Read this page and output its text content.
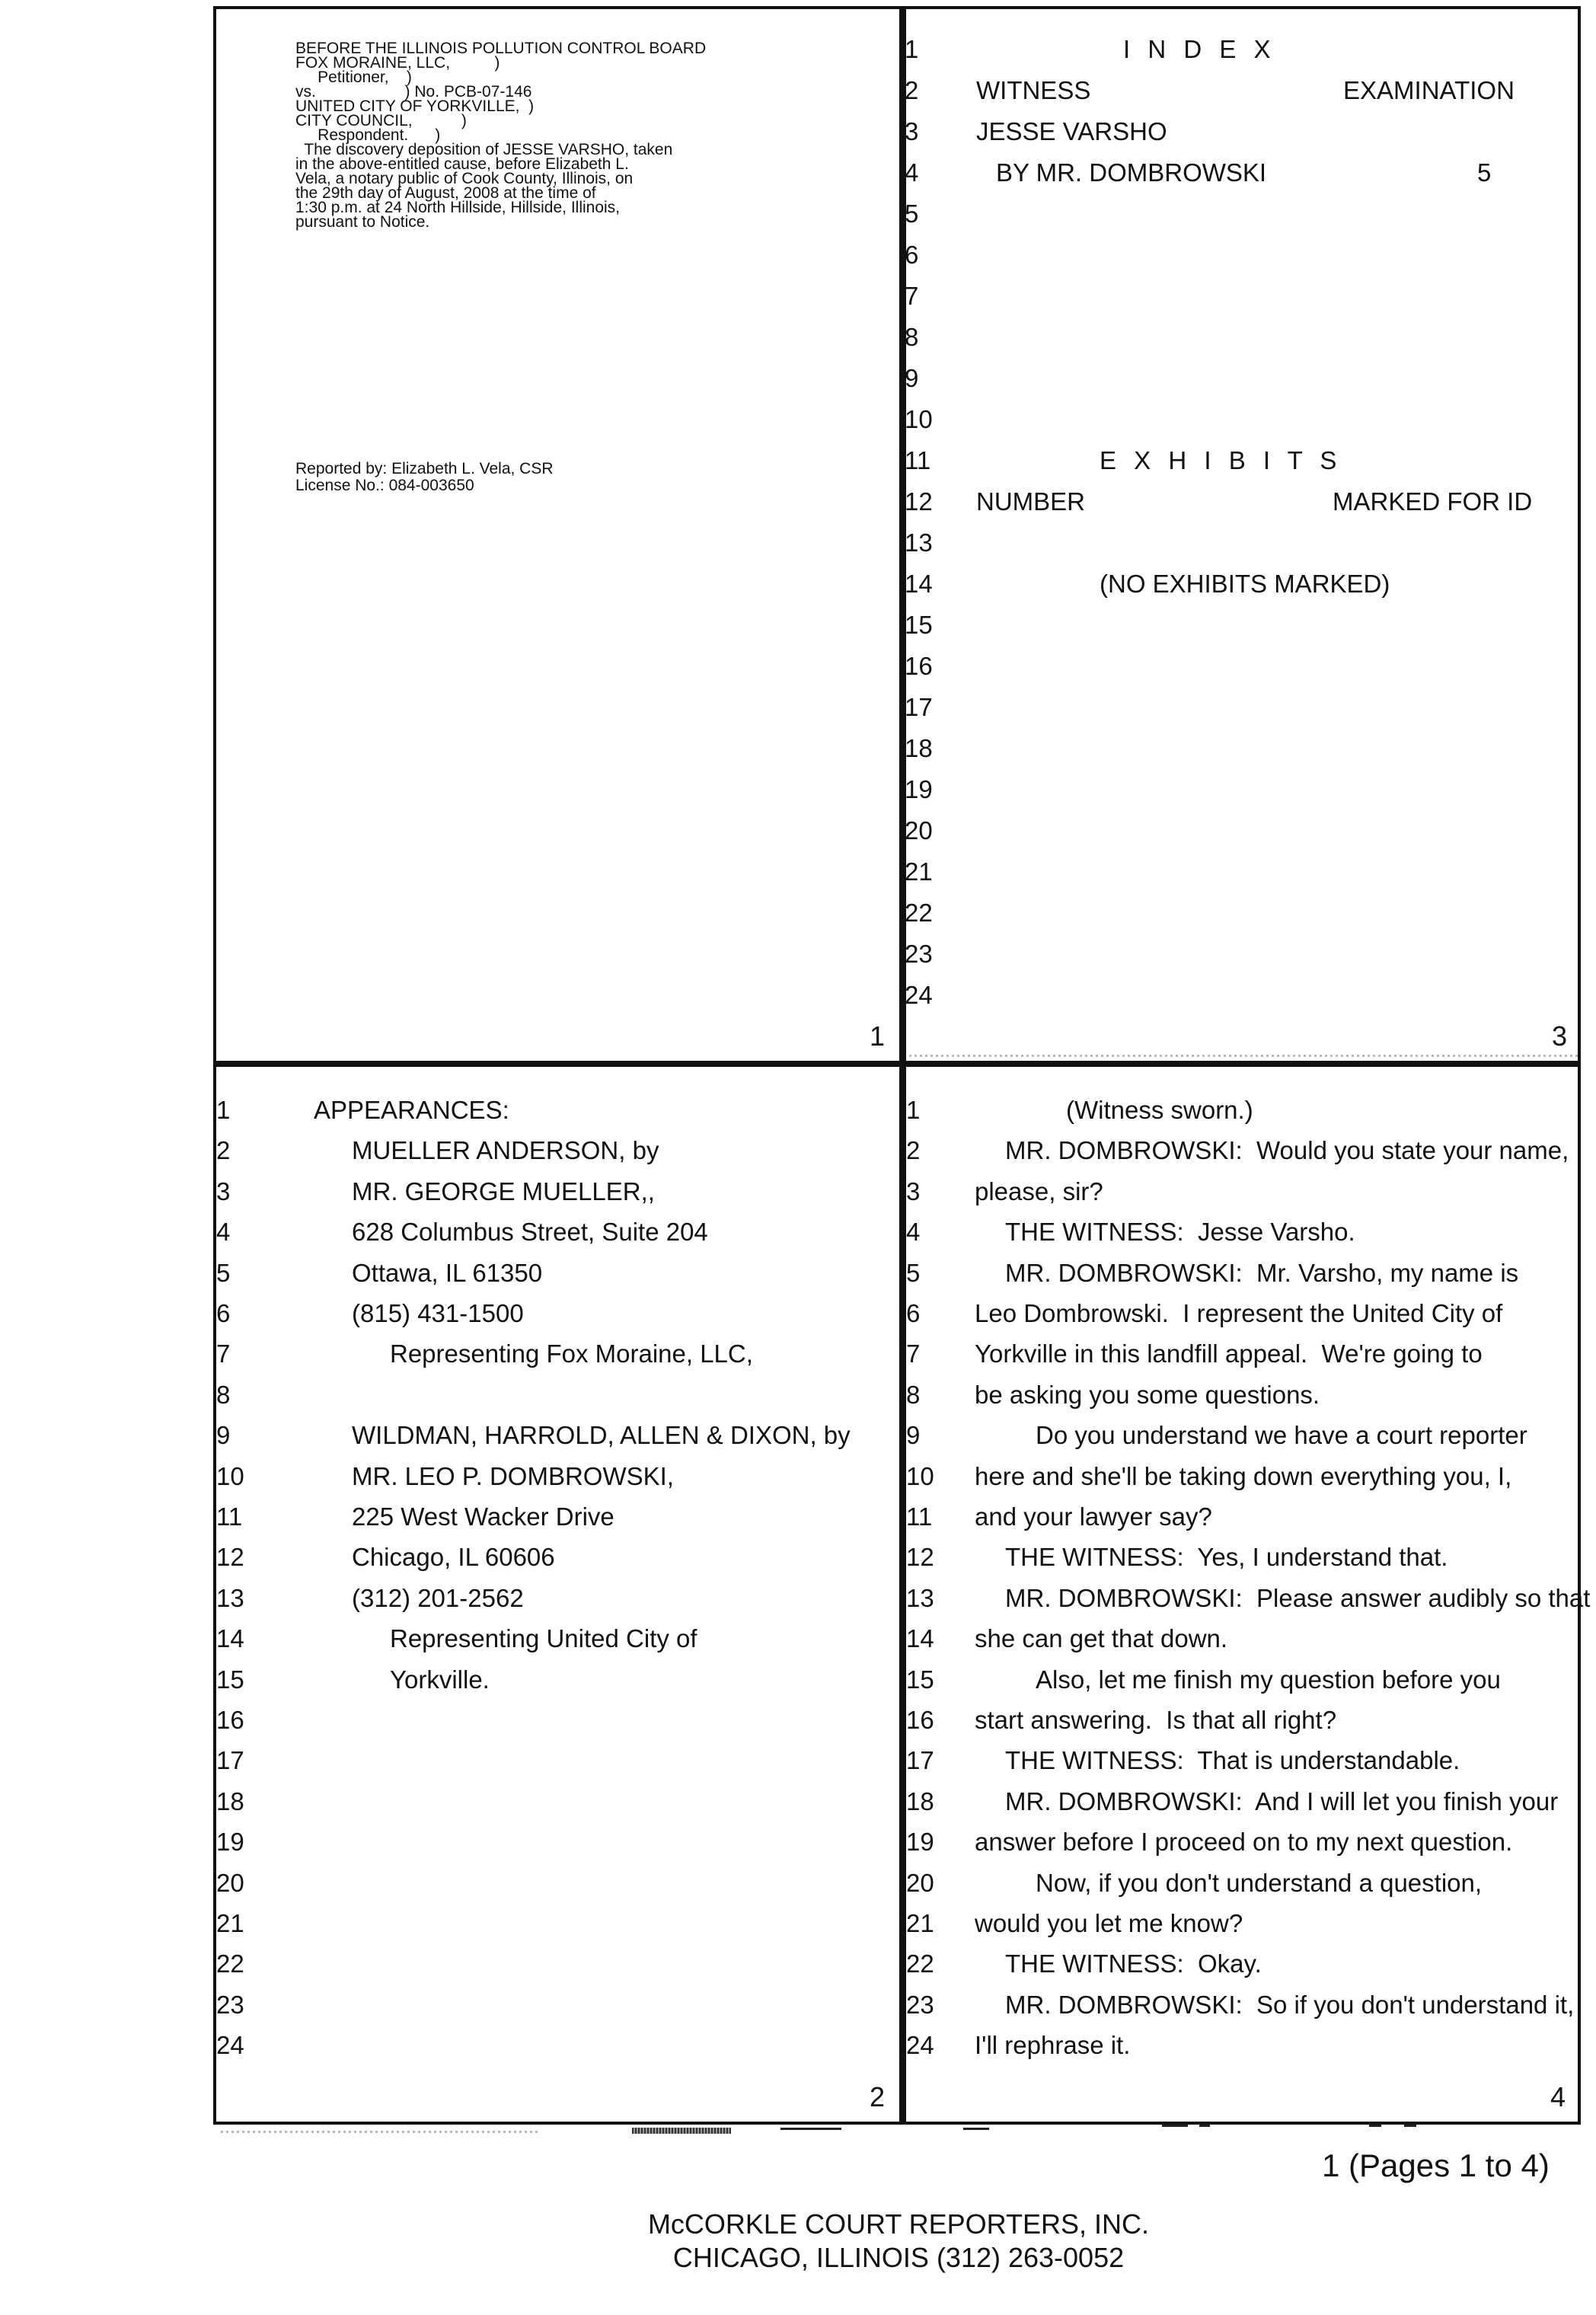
BEFORE THE ILLINOIS POLLUTION CONTROL BOARD
FOX MORAINE, LLC,          )
Petitioner,    )
vs.                    ) No. PCB-07-146
UNITED CITY OF YORKVILLE,  )
CITY COUNCIL,           )
Respondent.      )
The discovery deposition of JESSE VARSHO, taken
in the above-entitled cause, before Elizabeth L.
Vela, a notary public of Cook County, Illinois, on
the 29th day of August, 2008 at the time of
1:30 p.m. at 24 North Hillside, Hillside, Illinois,
pursuant to Notice.
Reported by: Elizabeth L. Vela, CSR
License No.: 084-003650
1
1
2
3
4
5
6
7
8
9
10
11
12
13
14
15
16
17
18
19
20
21
22
23
24
I N D E X
WITNESS	EXAMINATION
JESSE VARSHO
BY MR. DOMBROWSKI	5
E X H I B I T S
NUMBER	MARKED FOR ID
(NO EXHIBITS MARKED)
3
1	APPEARANCES:
2	MUELLER ANDERSON, by
3	MR. GEORGE MUELLER,,
4	628 Columbus Street, Suite 204
5	Ottawa, IL 61350
6	(815) 431-1500
7	Representing Fox Moraine, LLC,
8
9	WILDMAN, HARROLD, ALLEN & DIXON, by
10	MR. LEO P. DOMBROWSKI,
11	225 West Wacker Drive
12	Chicago, IL 60606
13	(312) 201-2562
14	Representing United City of
15	Yorkville.
16
17
18
19
20
21
22
23
24
2
1	(Witness sworn.)
2	MR. DOMBROWSKI:  Would you state your name,
3	please, sir?
4	THE WITNESS:  Jesse Varsho.
5	MR. DOMBROWSKI:  Mr. Varsho, my name is
6	Leo Dombrowski.  I represent the United City of
7	Yorkville in this landfill appeal.  We're going to
8	be asking you some questions.
9	Do you understand we have a court reporter
10	here and she'll be taking down everything you, I,
11	and your lawyer say?
12	THE WITNESS:  Yes, I understand that.
13	MR. DOMBROWSKI:  Please answer audibly so that
14	she can get that down.
15	Also, let me finish my question before you
16	start answering.  Is that all right?
17	THE WITNESS:  That is understandable.
18	MR. DOMBROWSKI:  And I will let you finish your
19	answer before I proceed on to my next question.
20	Now, if you don't understand a question,
21	would you let me know?
22	THE WITNESS:  Okay.
23	MR. DOMBROWSKI:  So if you don't understand it,
24	I'll rephrase it.
4
1 (Pages 1 to 4)
McCORKLE COURT REPORTERS, INC.
CHICAGO, ILLINOIS (312) 263-0052
